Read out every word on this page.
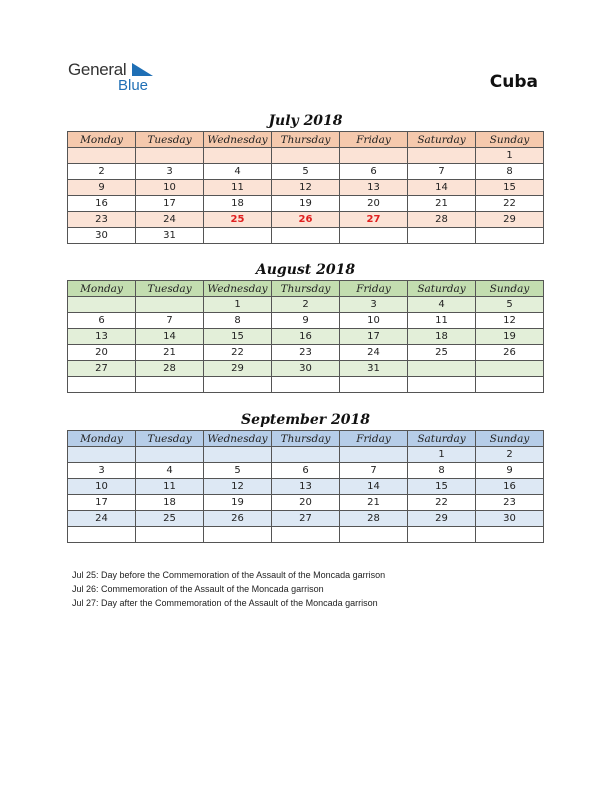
General
Blue	Cuba
July 2018
Monday	Tuesday	Wednesday	Thursday	Friday	Saturday	Sunday
						1
2	3	4	5	6	7	8
9	10	11	12	13	14	15
16	17	18	19	20	21	22
23	24	25	26	27	28	29
30	31					
August 2018
Monday	Tuesday	Wednesday	Thursday	Friday	Saturday	Sunday
		1	2	3	4	5
6	7	8	9	10	11	12
13	14	15	16	17	18	19
20	21	22	23	24	25	26
27	28	29	30	31		

September 2018
Monday	Tuesday	Wednesday	Thursday	Friday	Saturday	Sunday
					1	2
3	4	5	6	7	8	9
10	11	12	13	14	15	16
17	18	19	20	21	22	23
24	25	26	27	28	29	30

Jul 25: Day before the Commemoration of the Assault of the Moncada garrison
Jul 26: Commemoration of the Assault of the Moncada garrison
Jul 27: Day after the Commemoration of the Assault of the Moncada garrison
